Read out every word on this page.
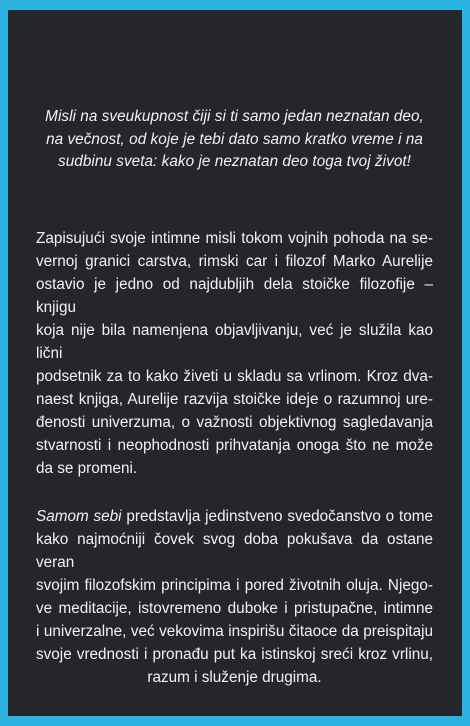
Misli na sveukupnost čiji si ti samo jedan neznatan deo,
na večnost, od koje je tebi dato samo kratko vreme i na
sudbinu sveta: kako je neznatan deo toga tvoj život!

Zapisujući svoje intimne misli tokom vojnih pohoda na se-
vernoj granici carstva, rimski car i filozof Marko Aurelije
ostavio je jedno od najdubljih dela stoičke filozofije – knjigu
koja nije bila namenjena objavljivanju, već je služila kao lični
podsetnik za to kako živeti u skladu sa vrlinom. Kroz dva-
naest knjiga, Aurelije razvija stoičke ideje o razumnoj ure-
đenosti univerzuma, o važnosti objektivnog sagledavanja
stvarnosti i neophodnosti prihvatanja onoga što ne može
da se promeni.

Samom sebi predstavlja jedinstveno svedočanstvo o tome
kako najmoćniji čovek svog doba pokušava da ostane veran
svojim filozofskim principima i pored životnih oluja. Njego-
ve meditacije, istovremeno duboke i pristupačne, intimne
i univerzalne, već vekovima inspirišu čitaoce da preispitaju
svoje vrednosti i pronađu put ka istinskoj sreći kroz vrlinu,
razum i služenje drugima.
